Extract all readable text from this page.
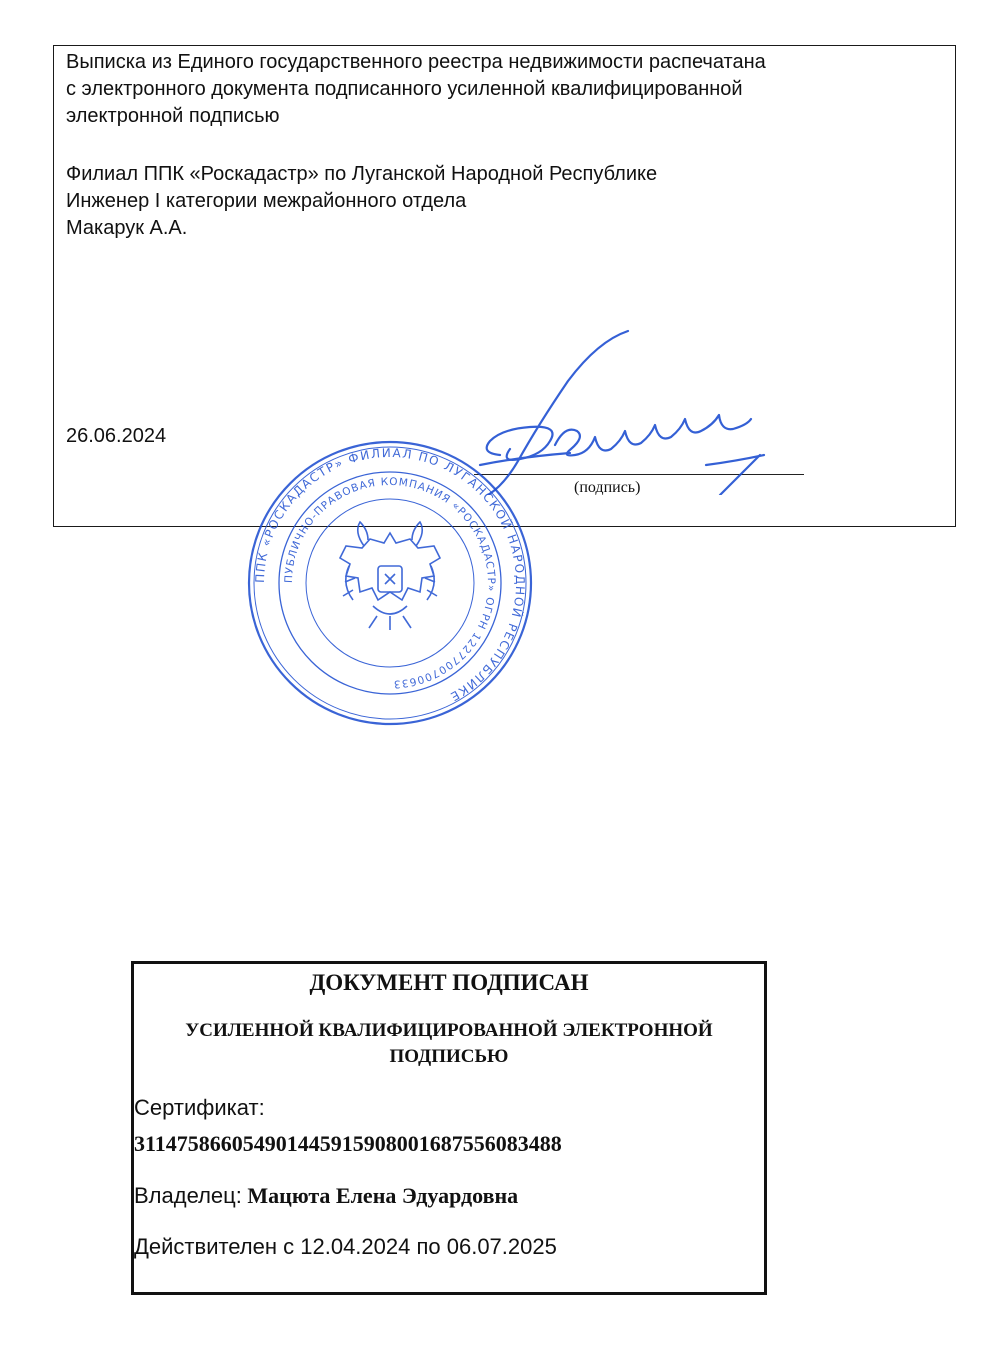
Выписка из Единого государственного реестра недвижимости распечатана
с электронного документа подписанного усиленной квалифицированной
электронной подписью
Филиал ППК «Роскадастр» по Луганской Народной Республике
Инженер I категории межрайонного отдела
Макарук А.А.
26.06.2024
(подпись)
ППК «РОСКАДАСТР» ФИЛИАЛ ПО ЛУГАНСКОЙ НАРОДНОЙ РЕСПУБЛИКЕ
ПУБЛИЧНО-ПРАВОВАЯ КОМПАНИЯ «РОСКАДАСТР» ОГРН 1227700700633
ДОКУМЕНТ ПОДПИСАН
УСИЛЕННОЙ КВАЛИФИЦИРОВАННОЙ ЭЛЕКТРОННОЙ
ПОДПИСЬЮ
Сертификат:
311475866054901445915908001687556083488
Владелец: Мацюта Елена Эдуардовна
Действителен с 12.04.2024 по 06.07.2025
